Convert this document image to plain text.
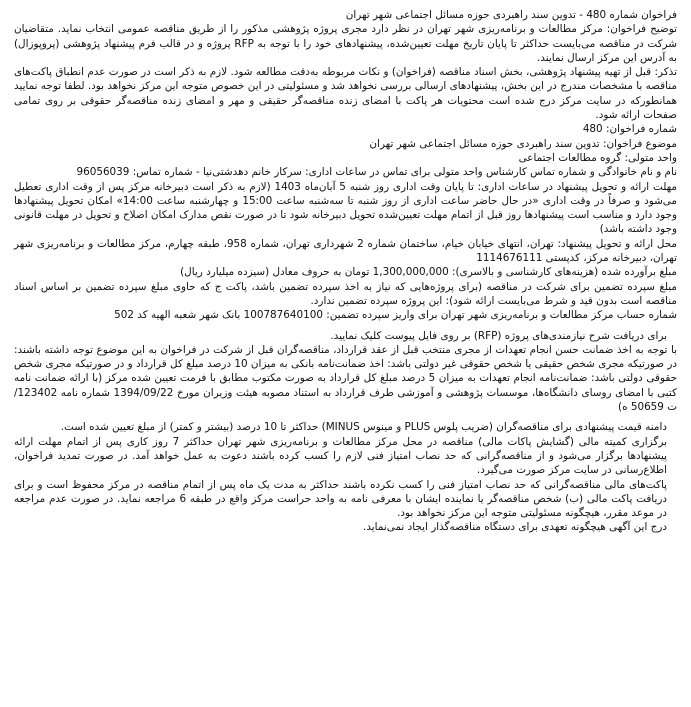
فراخوان شماره 480 - تدوین سند راهبردی حوزه مسائل اجتماعی شهر تهران

توضیح فراخوان: مرکز مطالعات و برنامه‌ریزی شهر تهران در نظر دارد مجری پروژه پژوهشی مذکور را از طریق مناقصه عمومی انتخاب نماید. متقاضیان شرکت در مناقصه می‌بایست حداکثر تا پایان تاریخ مهلت تعیین‌شده، پیشنهادهای خود را با توجه به RFP پروژه و در قالب فرم پیشنهاد پژوهشی (پروپوزال) به آدرس این مرکز ارسال نمایند.

تذکر: قبل از تهیه پیشنهاد پژوهشی، بخش اسناد مناقصه (فراخوان) و نکات مربوطه به‌دقت مطالعه شود. لازم به ذکر است در صورت عدم انطباق پاکت‌های مناقصه با مشخصات مندرج در این بخش، پیشنهادهای ارسالی بررسی نخواهد شد و مسئولیتی در این خصوص متوجه این مرکز نخواهد بود. لطفا توجه نمایید همانطورکه در سایت مرکز درج شده است محتویات هر پاکت با امضای زنده مناقصه‌گر حقیقی و مهر و امضای زنده مناقصه‌گر حقوقی بر روی تمامی صفحات ارائه شود.

شماره فراخوان: 480

موضوع فراخوان: تدوین سند راهبردی حوزه مسائل اجتماعی شهر تهران

واحد متولی: گروه مطالعات اجتماعی

نام و نام خانوادگی و شماره تماس کارشناس واحد متولی برای تماس در ساعات اداری: سرکار خانم دهدشتی‌نیا - شماره تماس: 96056039

مهلت ارائه و تحویل پیشنهاد در ساعات اداری: تا پایان وقت اداری روز شنبه 5 آبان‌ماه 1403 (لازم به ذکر است دبیرخانه مرکز پس از وقت اداری تعطیل می‌شود و صرفاً در وقت اداری «در حال حاضر ساعت اداری از روز شنبه تا سه‌شنبه ساعت 15:00 و چهارشنبه ساعت 14:00» امکان تحویل پیشنهادها وجود دارد و مناسب است پیشنهادها روز قبل از اتمام مهلت تعیین‌شده تحویل دبیرخانه شود تا در صورت نقص مدارک امکان اصلاح و تحویل در مهلت قانونی وجود داشته باشد)

محل ارائه و تحویل پیشنهاد: تهران، انتهای خیابان خیام، ساختمان شماره 2 شهرداری تهران، شماره 958، طبقه چهارم، مرکز مطالعات و برنامه‌ریزی شهر تهران، دبیرخانه مرکز، کدپستی 1114676111

مبلغ برآورده شده (هزینه‌های کارشناسی و بالاسری): 1,300,000,000 تومان به حروف معادل (سیزده میلیارد ریال)

مبلغ سپرده تضمین برای شرکت در مناقصه (برای پروژه‌هایی که نیاز به اخذ سپرده تضمین باشد، پاکت ج که حاوی مبلغ سپرده تضمین بر اساس اسناد مناقصه است بدون قید و شرط می‌بایست ارائه شود): این پروژه سپرده تضمین ندارد.

شماره حساب مرکز مطالعات و برنامه‌ریزی شهر تهران برای واریز سپرده تضمین: 100787640100 بانک شهر شعبه الهیه کد 502

برای دریافت شرح نیازمندی‌های پروژه (RFP) بر روی فایل پیوست کلیک نمایید.

با توجه به اخذ ضمانت حسن انجام تعهدات از مجری منتخب قبل از عقد قرارداد، مناقصه‌گران قبل از شرکت در فراخوان به این موضوع توجه داشته باشند: در صورتیکه مجری شخص حقیقی یا شخص حقوقی غیر دولتی باشد: اخذ ضمانت‌نامه بانکی به میزان 10 درصد مبلغ کل قرارداد و در صورتیکه مجری شخص حقوقی دولتی باشد: ضمانت‌نامه انجام تعهدات به میزان 5 درصد مبلغ کل قرارداد به صورت مکتوب مطابق با فرمت تعیین شده مرکز (با ارائه ضمانت نامه کتبی با امضای روسای دانشگاه‌ها، موسسات پژوهشی و آموزشی طرف قرارداد به استناد مصوبه هیئت وزیران مورخ 1394/09/22 شماره نامه 123402/ت 50659 ه)

دامنه قیمت پیشنهادی برای مناقصه‌گران (ضریب پلوس PLUS و مینوس MINUS) حداکثر تا 10 درصد (بیشتر و کمتر) از مبلغ تعیین شده است.

برگزاری کمیته مالی (گشایش پاکات مالی) مناقصه در محل مرکز مطالعات و برنامه‌ریزی شهر تهران حداکثر 7 روز کاری پس از اتمام مهلت ارائه پیشنهادها برگزار می‌شود و از مناقصه‌گرانی که حد نصاب امتیاز فنی لازم را کسب کرده باشند دعوت به عمل خواهد آمد. در صورت تمدید فراخوان، اطلاع‌رسانی در سایت مرکز صورت می‌گیرد.

پاکت‌های مالی مناقصه‌گرانی که حد نصاب امتیاز فنی را کسب نکرده باشند حداکثر به مدت یک ماه پس از اتمام مناقصه در مرکز محفوظ است و برای دریافت پاکت مالی (ب) شخص مناقصه‌گر یا نماینده ایشان با معرفی نامه به واحد حراست مرکز واقع در طبقه 6 مراجعه نماید. در صورت عدم مراجعه در موعد مقرر، هیچگونه مسئولیتی متوجه این مرکز نخواهد بود.

درج این آگهی هیچگونه تعهدی برای دستگاه مناقصه‌گذار ایجاد نمی‌نماید.
